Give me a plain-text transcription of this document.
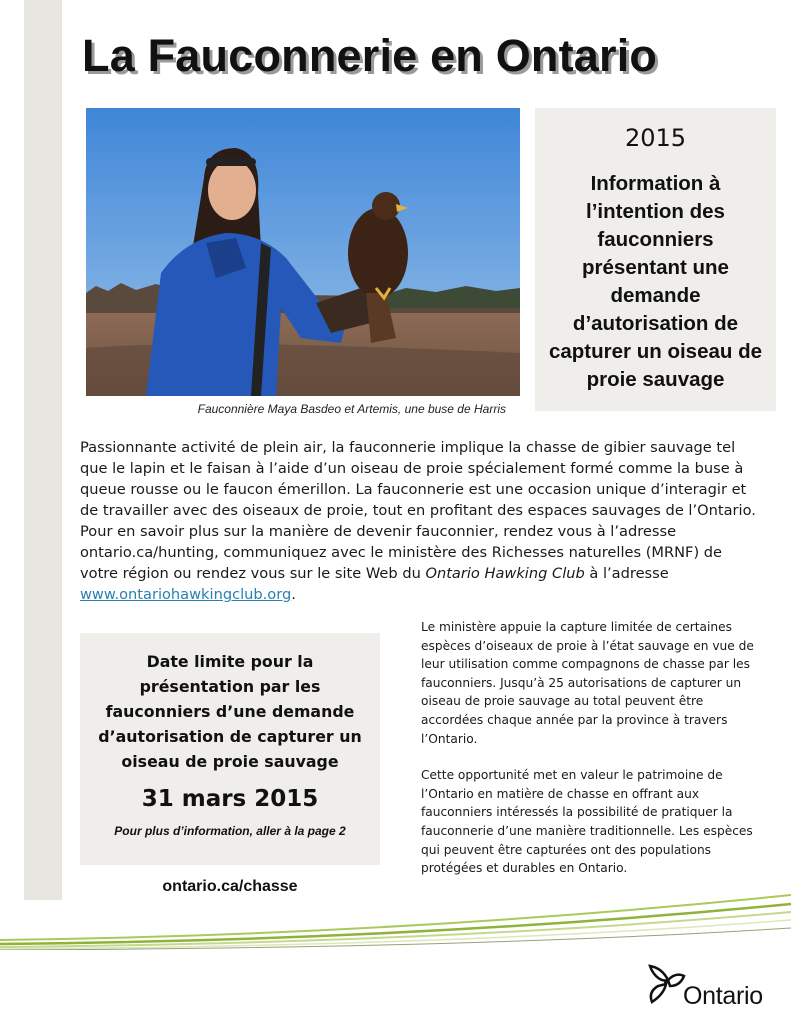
La Fauconnerie en Ontario
Fauconnière Maya Basdeo et Artemis, une buse de Harris
2015
Information à l’intention des fauconniers présentant une demande d’autorisation de capturer un oiseau de proie sauvage

Passionnante activité de plein air, la fauconnerie implique la chasse de gibier sauvage tel que le lapin et le faisan à l’aide d’un oiseau de proie spécialement formé comme la buse à queue rousse ou le faucon émerillon. La fauconnerie est une occasion unique d’interagir et de travailler avec des oiseaux de proie, tout en profitant des espaces sauvages de l’Ontario. Pour en savoir plus sur la manière de devenir fauconnier, rendez vous à l’adresse ontario.ca/hunting, communiquez avec le ministère des Richesses naturelles (MRNF) de votre région ou rendez vous sur le site Web du Ontario Hawking Club à l’adresse www.ontariohawkingclub.org.

Date limite pour la présentation par les fauconniers d’une demande d’autorisation de capturer un oiseau de proie sauvage
31 mars 2015
Pour plus d’information, aller à la page 2
ontario.ca/chasse

Le ministère appuie la capture limitée de certaines espèces d’oiseaux de proie à l’état sauvage en vue de leur utilisation comme compagnons de chasse par les fauconniers. Jusqu’à 25 autorisations de capturer un oiseau de proie sauvage au total peuvent être accordées chaque année par la province à travers l’Ontario.

Cette opportunité met en valeur le patrimoine de l’Ontario en matière de chasse en offrant aux fauconniers intéressés la possibilité de pratiquer la fauconnerie d’une manière traditionnelle. Les espèces qui peuvent être capturées ont des populations protégées et durables en Ontario.

Ontario
